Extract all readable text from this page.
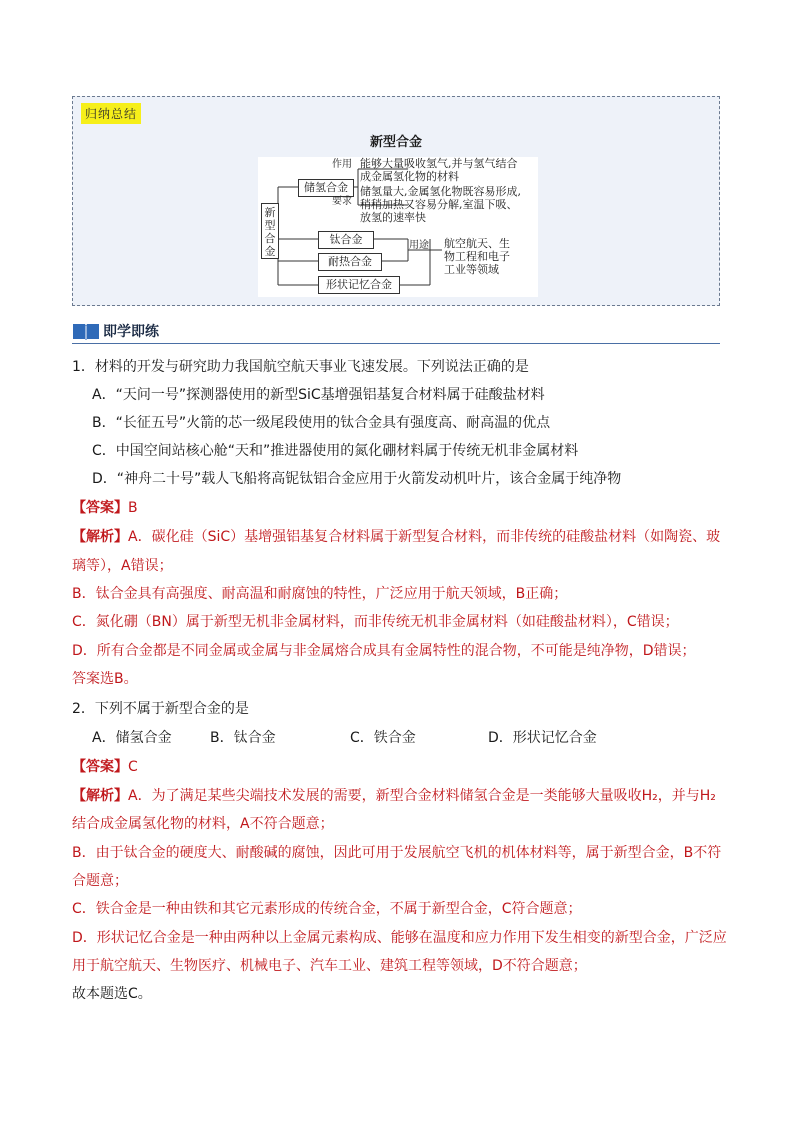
归纳总结
新型合金
新型合金
储氢合金
钛合金
耐热合金
形状记忆合金
作用
要求
用途
能够大量吸收氢气,并与氢气结合
成金属氢化物的材料
储氢量大,金属氢化物既容易形成,
稍稍加热又容易分解,室温下吸、
放氢的速率快
航空航天、生
物工程和电子
工业等领域
即学即练
1．材料的开发与研究助力我国航空航天事业飞速发展。下列说法正确的是
A．“天问一号”探测器使用的新型SiC基增强铝基复合材料属于硅酸盐材料
B．“长征五号”火箭的芯一级尾段使用的钛合金具有强度高、耐高温的优点
C．中国空间站核心舱“天和”推进器使用的氮化硼材料属于传统无机非金属材料
D．“神舟二十号”载人飞船将高铌钛铝合金应用于火箭发动机叶片，该合金属于纯净物
【答案】B
【解析】A．碳化硅（SiC）基增强铝基复合材料属于新型复合材料，而非传统的硅酸盐材料（如陶瓷、玻
璃等），A错误；
B．钛合金具有高强度、耐高温和耐腐蚀的特性，广泛应用于航天领域，B正确；
C．氮化硼（BN）属于新型无机非金属材料，而非传统无机非金属材料（如硅酸盐材料），C错误；
D．所有合金都是不同金属或金属与非金属熔合成具有金属特性的混合物，不可能是纯净物，D错误；
答案选B。
2．下列不属于新型合金的是
A．储氢合金	B．钛合金	C．铁合金	D．形状记忆合金
【答案】C
【解析】A．为了满足某些尖端技术发展的需要，新型合金材料储氢合金是一类能够大量吸收H₂，并与H₂
结合成金属氢化物的材料，A不符合题意；
B．由于钛合金的硬度大、耐酸碱的腐蚀，因此可用于发展航空飞机的机体材料等，属于新型合金，B不符
合题意；
C．铁合金是一种由铁和其它元素形成的传统合金，不属于新型合金，C符合题意；
D．形状记忆合金是一种由两种以上金属元素构成、能够在温度和应力作用下发生相变的新型合金，广泛应
用于航空航天、生物医疗、机械电子、汽车工业、建筑工程等领域，D不符合题意；
故本题选C。
